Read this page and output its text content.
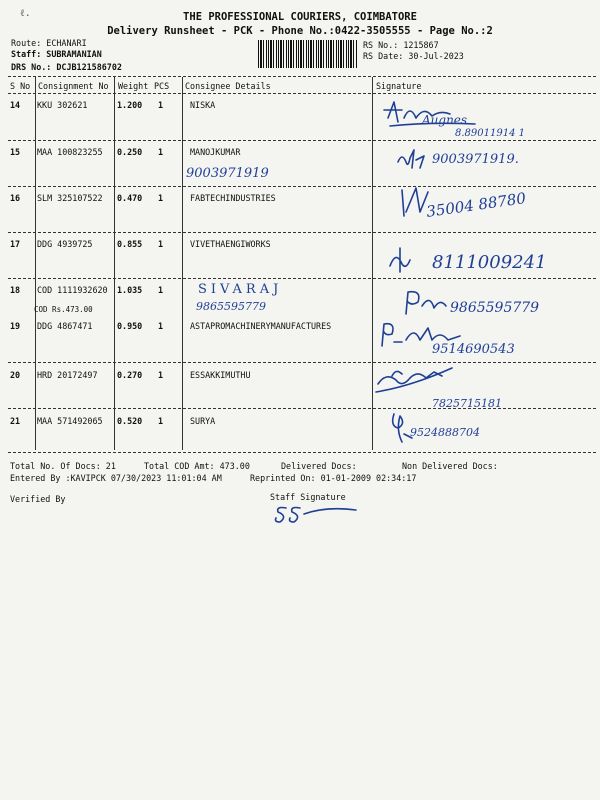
THE PROFESSIONAL COURIERS, COIMBATORE
Delivery Runsheet - PCK - Phone No.:0422-3505555 - Page No.:2
ℓ.
Route: ECHANARI
Staff: SUBRAMANIAN
DRS No.: DCJB121586702
RS No.: 1215867
RS Date: 30-Jul-2023
S No Consignment No Weight PCS Consignee Details	Signature
14 KKU 302621	1.200 1	NISKA
Augnes
8.89011914 1
15 MAA 100823255 0.250 1	MANOJKUMAR
9003971919
9003971919.
16 SLM 325107522 0.470 1	FABTECHINDUSTRIES	35004 88780
17 DDG 4939725	0.855 1	VIVETHAENGIWORKS
8111009241
18 COD 1111932620 1.035 1
COD Rs.473.00
SIVARAJ
9865595779	9865595779
19 DDG 4867471	0.950 1	ASTAPROMACHINERYMANUFACTURES
9514690543
20 HRD 20172497 0.270 1	ESSAKKIMUTHU
7825715181
21 MAA 571492065 0.520 1	SURYA
9524888704
Total No. Of Docs: 21	Total COD Amt: 473.00	Delivered Docs:	Non Delivered Docs:
Entered By :KAVIPCK 07/30/2023 11:01:04 AM	Reprinted On: 01-01-2009 02:34:17
Verified By	Staff Signature
